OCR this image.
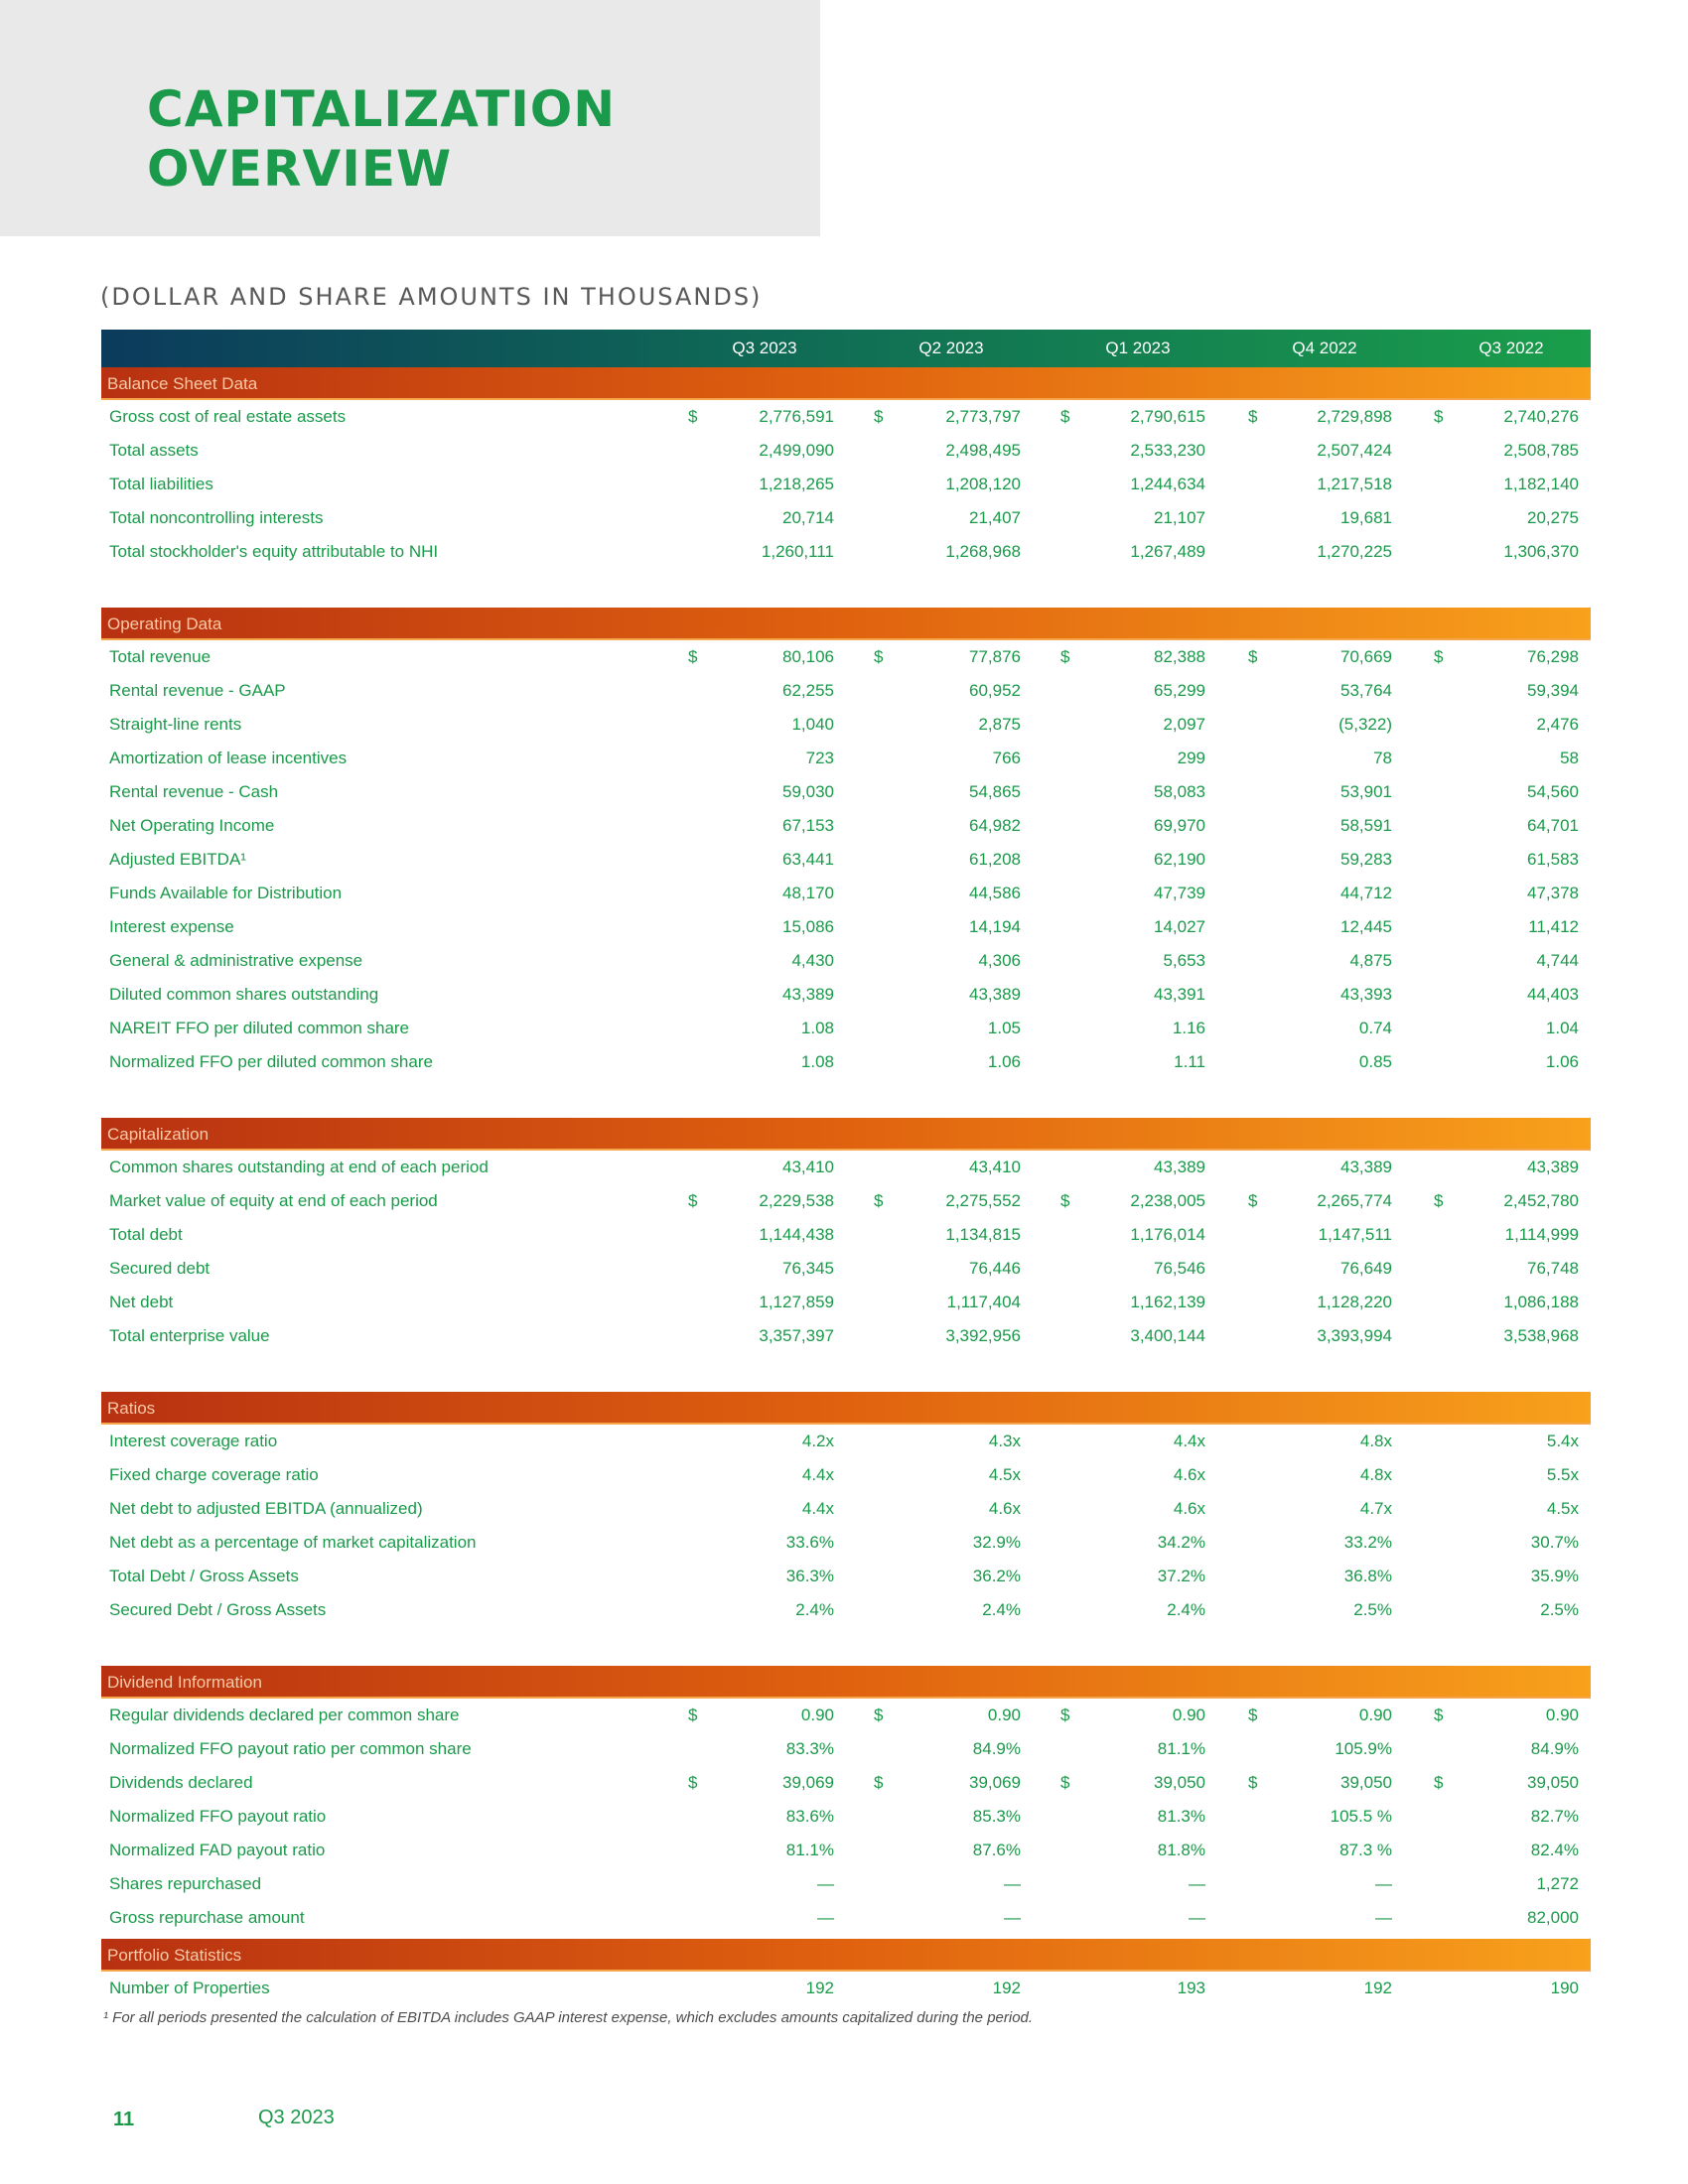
CAPITALIZATION
OVERVIEW
(DOLLAR AND SHARE AMOUNTS IN THOUSANDS)
Q3 2023	Q2 2023	Q1 2023	Q4 2022	Q3 2022
Balance Sheet Data
Gross cost of real estate assets	$	2,776,591 $	2,773,797 $	2,790,615	$	2,729,898 $	2,740,276
Total assets	2,499,090	2,498,495	2,533,230	2,507,424	2,508,785
Total liabilities	1,218,265	1,208,120	1,244,634	1,217,518	1,182,140
Total noncontrolling interests	20,714	21,407	21,107	19,681	20,275
Total stockholder's equity attributable to NHI	1,260,111	1,268,968	1,267,489	1,270,225	1,306,370
Operating Data
Total revenue	$	80,106 $	77,876 $	82,388	$	70,669 $	76,298
Rental revenue - GAAP	62,255	60,952	65,299	53,764	59,394
Straight-line rents	1,040	2,875	2,097	(5,322)	2,476
Amortization of lease incentives	723	766	299	78	58
Rental revenue - Cash	59,030	54,865	58,083	53,901	54,560
Net Operating Income	67,153	64,982	69,970	58,591	64,701
Adjusted EBITDA¹	63,441	61,208	62,190	59,283	61,583
Funds Available for Distribution	48,170	44,586	47,739	44,712	47,378
Interest expense	15,086	14,194	14,027	12,445	11,412
General & administrative expense	4,430	4,306	5,653	4,875	4,744
Diluted common shares outstanding	43,389	43,389	43,391	43,393	44,403
NAREIT FFO per diluted common share	1.08	1.05	1.16	0.74	1.04
Normalized FFO per diluted common share	1.08	1.06	1.11	0.85	1.06
Capitalization
Common shares outstanding at end of each period	43,410	43,410	43,389	43,389	43,389
Market value of equity at end of each period	$	2,229,538 $	2,275,552 $	2,238,005	$	2,265,774 $	2,452,780
Total debt	1,144,438	1,134,815	1,176,014	1,147,511	1,114,999
Secured debt	76,345	76,446	76,546	76,649	76,748
Net debt	1,127,859	1,117,404	1,162,139	1,128,220	1,086,188
Total enterprise value	3,357,397	3,392,956	3,400,144	3,393,994	3,538,968
Ratios
Interest coverage ratio	4.2x	4.3x	4.4x	4.8x	5.4x
Fixed charge coverage ratio	4.4x	4.5x	4.6x	4.8x	5.5x
Net debt to adjusted EBITDA (annualized)	4.4x	4.6x	4.6x	4.7x	4.5x
Net debt as a percentage of market capitalization	33.6%	32.9%	34.2%	33.2%	30.7%
Total Debt / Gross Assets	36.3%	36.2%	37.2%	36.8%	35.9%
Secured Debt / Gross Assets	2.4%	2.4%	2.4%	2.5%	2.5%
Dividend Information
Regular dividends declared per common share	$	0.90 $	0.90 $	0.90	$	0.90 $	0.90
Normalized FFO payout ratio per common share	83.3%	84.9%	81.1%	105.9%	84.9%
Dividends declared	$	39,069 $	39,069 $	39,050	$	39,050 $	39,050
Normalized FFO payout ratio	83.6%	85.3%	81.3%	105.5 %	82.7%
Normalized FAD payout ratio	81.1%	87.6%	81.8%	87.3 %	82.4%
Shares repurchased	—	—	—	—	1,272
Gross repurchase amount	—	—	—	—	82,000
Portfolio Statistics
Number of Properties	192	192	193	192	190
¹ For all periods presented the calculation of EBITDA includes GAAP interest expense, which excludes amounts capitalized during the period.
11	Q3 2023
